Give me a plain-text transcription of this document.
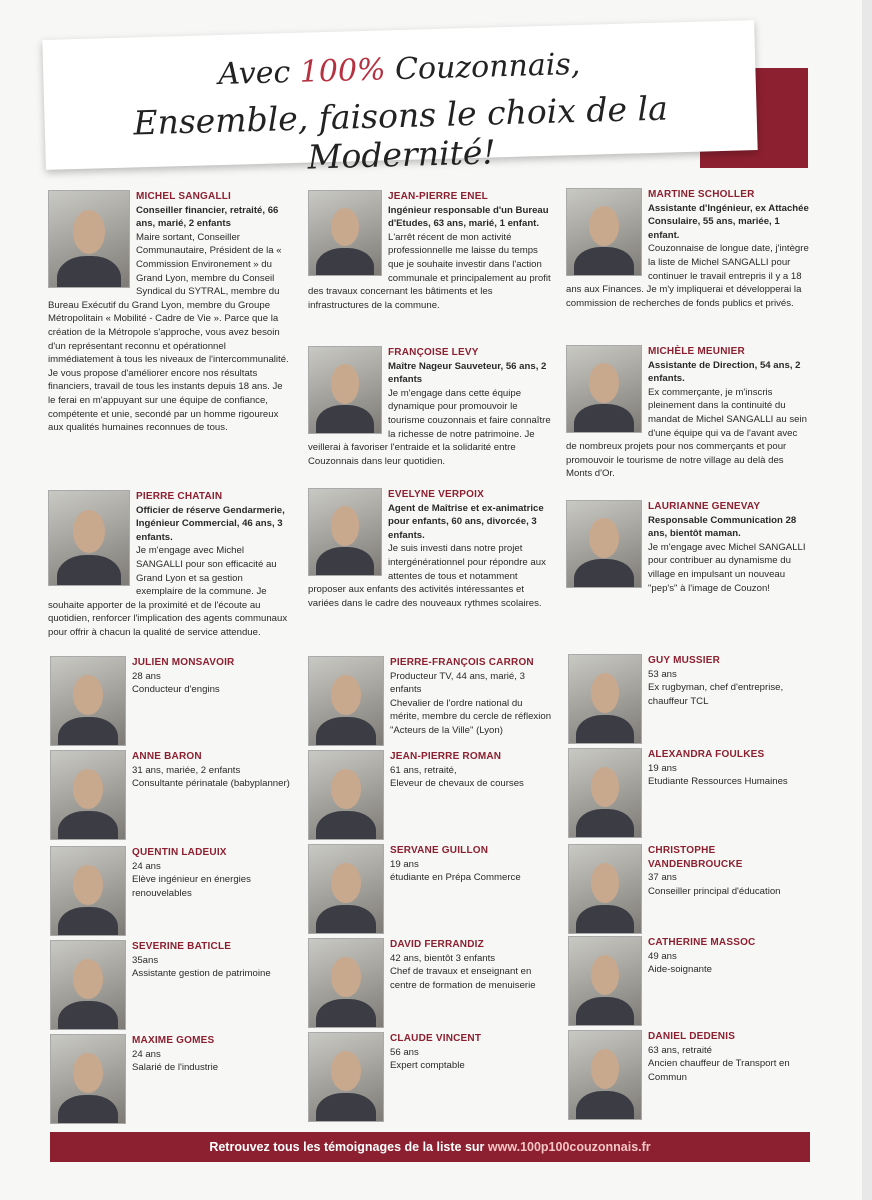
Avec 100% Couzonnais,
Ensemble, faisons le choix de la Modernité!
MICHEL SANGALLI
Conseiller financier, retraité, 66 ans, marié, 2 enfants
Maire sortant, Conseiller Communautaire, Président de la « Commission Environement » du Grand Lyon, membre du Conseil Syndical du SYTRAL, membre du Bureau Exécutif du Grand Lyon, membre du Groupe Métropolitain « Mobilité - Cadre de Vie ». Parce que la création de la Métropole s'approche, vous avez besoin d'un représentant reconnu et opérationnel immédiatement à tous les niveaux de l'intercommunalité. Je vous propose d'améliorer encore nos résultats financiers, travail de tous les instants depuis 18 ans. Je le ferai en m'appuyant sur une équipe de confiance, compétente et unie, secondé par un homme rigoureux aux qualités humaines reconnues de tous.
JEAN-PIERRE ENEL
Ingénieur responsable d'un Bureau d'Etudes, 63 ans, marié, 1 enfant.
L'arrêt récent de mon activité professionnelle me laisse du temps que je souhaite investir dans l'action communale et principalement au profit des travaux concernant les bâtiments et les infrastructures de la commune.
MARTINE SCHOLLER
Assistante d'Ingénieur, ex Attachée Consulaire, 55 ans, mariée, 1 enfant.
Couzonnaise de longue date, j'intègre la liste de Michel SANGALLI pour continuer le travail entrepris il y a 18 ans aux Finances. Je m'y impliquerai et développerai la commission de recherches de fonds publics et privés.
FRANÇOISE LEVY
Maître Nageur Sauveteur, 56 ans, 2 enfants
Je m'engage dans cette équipe dynamique pour promouvoir le tourisme couzonnais et faire connaître la richesse de notre patrimoine. Je veillerai à favoriser l'entraide et la solidarité entre Couzonnais dans leur quotidien.
MICHÈLE MEUNIER
Assistante de Direction, 54 ans, 2 enfants.
Ex commerçante, je m'inscris pleinement dans la continuité du mandat de Michel SANGALLI au sein d'une équipe qui va de l'avant avec de nombreux projets pour nos commerçants et pour promouvoir le tourisme de notre village au delà des Monts d'Or.
PIERRE CHATAIN
Officier de réserve Gendarmerie, Ingénieur Commercial, 46 ans, 3 enfants.
Je m'engage avec Michel SANGALLI pour son efficacité au Grand Lyon et sa gestion exemplaire de la commune. Je souhaite apporter de la proximité et de l'écoute au quotidien, renforcer l'implication des agents communaux pour offrir à chacun la qualité de service attendue.
EVELYNE VERPOIX
Agent de Maîtrise et ex-animatrice pour enfants, 60 ans, divorcée, 3 enfants.
Je suis investi dans notre projet intergénérationnel pour répondre aux attentes de tous et notamment proposer aux enfants des activités intéressantes et variées dans le cadre des nouveaux rythmes scolaires.
LAURIANNE GENEVAY
Responsable Communication 28 ans, bientôt maman.
Je m'engage avec Michel SANGALLI pour contribuer au dynamisme du village en impulsant un nouveau "pep's" à l'image de Couzon!
JULIEN MONSAVOIR
28 ans
Conducteur d'engins
PIERRE-FRANÇOIS CARRON
Producteur TV, 44 ans, marié, 3 enfants
Chevalier de l'ordre national du mérite, membre du cercle de réflexion "Acteurs de la Ville" (Lyon)
GUY MUSSIER
53 ans
Ex rugbyman, chef d'entreprise, chauffeur TCL
ANNE BARON
31 ans, mariée, 2 enfants
Consultante périnatale (babyplanner)
JEAN-PIERRE ROMAN
61 ans, retraité,
Eleveur de chevaux de courses
ALEXANDRA FOULKES
19 ans
Etudiante Ressources Humaines
QUENTIN LADEUIX
24 ans
Elève ingénieur en énergies renouvelables
SERVANE GUILLON
19 ans
étudiante en Prépa Commerce
CHRISTOPHE VANDENBROUCKE
37 ans
Conseiller principal d'éducation
SEVERINE BATICLE
35ans
Assistante gestion de patrimoine
DAVID FERRANDIZ
42 ans, bientôt 3 enfants
Chef de travaux et enseignant en centre de formation de menuiserie
CATHERINE MASSOC
49 ans
Aide-soignante
MAXIME GOMES
24 ans
Salarié de l'industrie
CLAUDE VINCENT
56 ans
Expert comptable
DANIEL DEDENIS
63 ans, retraité
Ancien chauffeur de Transport en Commun
Retrouvez tous les témoignages de la liste sur www.100p100couzonnais.fr
